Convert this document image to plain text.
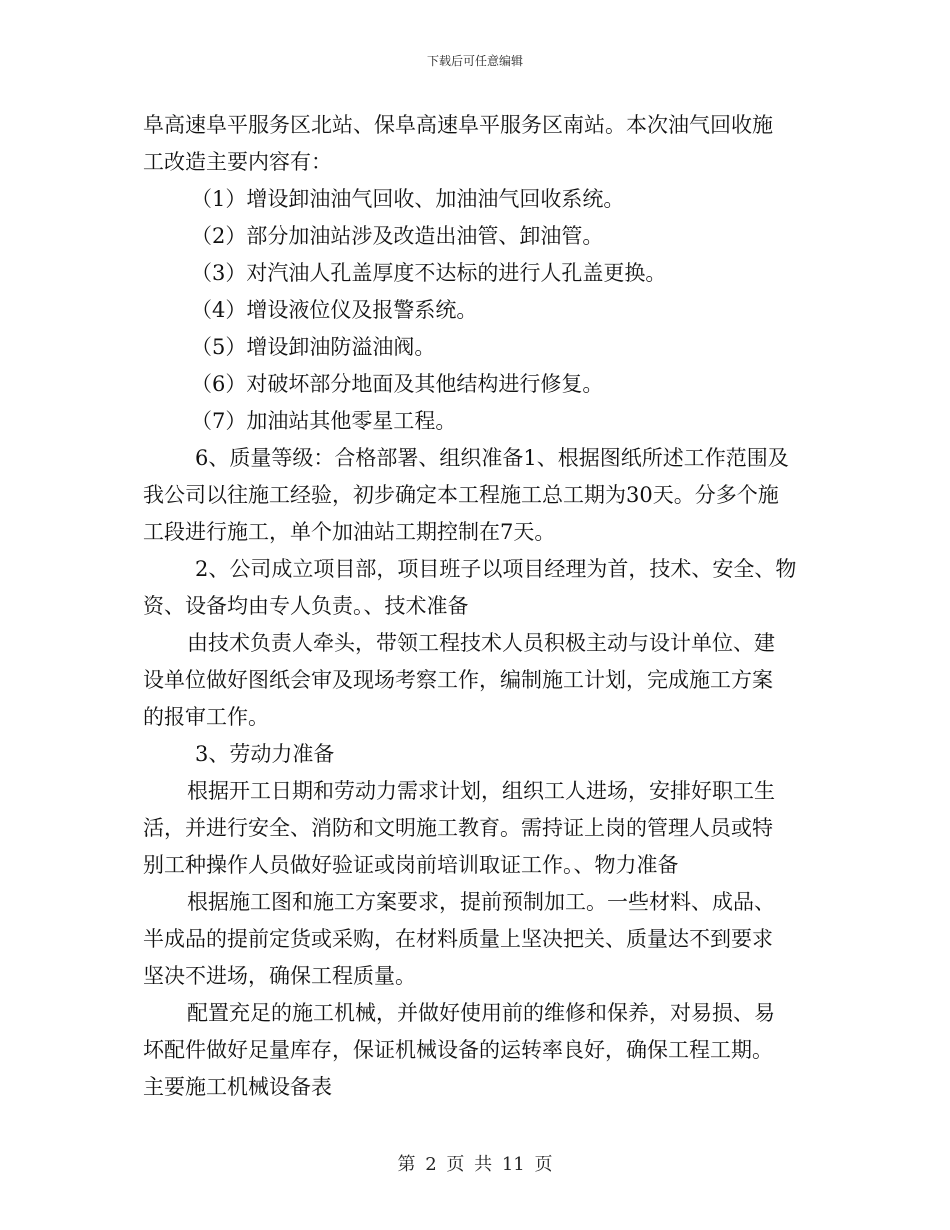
下载后可任意编辑
阜高速阜平服务区北站、保阜高速阜平服务区南站。本次油气回收施
工改造主要内容有：
（1）增设卸油油气回收、加油油气回收系统。
（2）部分加油站涉及改造出油管、卸油管。
（3）对汽油人孔盖厚度不达标的进行人孔盖更换。
（4）增设液位仪及报警系统。
（5）增设卸油防溢油阀。
（6）对破坏部分地面及其他结构进行修复。
（7）加油站其他零星工程。
6、质量等级：合格部署、组织准备1、根据图纸所述工作范围及
我公司以往施工经验，初步确定本工程施工总工期为30天。分多个施
工段进行施工，单个加油站工期控制在7天。
2、公司成立项目部，项目班子以项目经理为首，技术、安全、物
资、设备均由专人负责。、技术准备
由技术负责人牵头，带领工程技术人员积极主动与设计单位、建
设单位做好图纸会审及现场考察工作，编制施工计划，完成施工方案
的报审工作。
3、劳动力准备
根据开工日期和劳动力需求计划，组织工人进场，安排好职工生
活，并进行安全、消防和文明施工教育。需持证上岗的管理人员或特
别工种操作人员做好验证或岗前培训取证工作。、物力准备
根据施工图和施工方案要求，提前预制加工。一些材料、成品、
半成品的提前定货或采购，在材料质量上坚决把关、质量达不到要求
坚决不进场，确保工程质量。
配置充足的施工机械，并做好使用前的维修和保养，对易损、易
坏配件做好足量库存，保证机械设备的运转率良好，确保工程工期。
主要施工机械设备表
第 2 页 共 11 页
